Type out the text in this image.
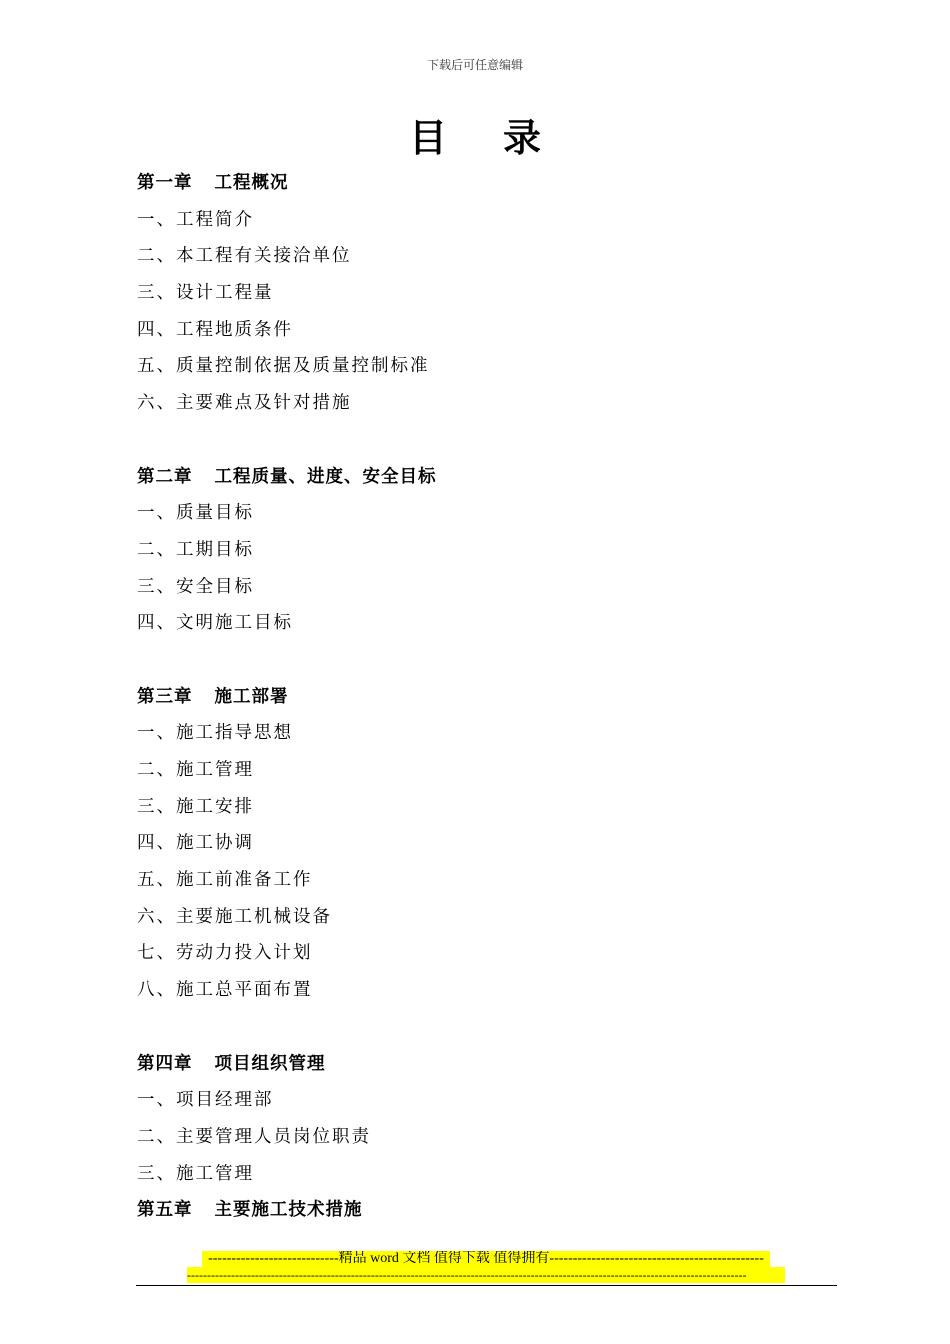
下载后可任意编辑
目录
第一章 工程概况
一、工程简介
二、本工程有关接洽单位
三、设计工程量
四、工程地质条件
五、质量控制依据及质量控制标准
六、主要难点及针对措施
第二章 工程质量、进度、安全目标
一、质量目标
二、工期目标
三、安全目标
四、文明施工目标
第三章 施工部署
一、施工指导思想
二、施工管理
三、施工安排
四、施工协调
五、施工前准备工作
六、主要施工机械设备
七、劳动力投入计划
八、施工总平面布置
第四章 项目组织管理
一、项目经理部
二、主要管理人员岗位职责
三、施工管理
第五章 主要施工技术措施
----------------------------精品 word 文档 值得下载 值得拥有----------------------------------------------
--------------------------------------------------------------------------------------------------------------------------------------------
